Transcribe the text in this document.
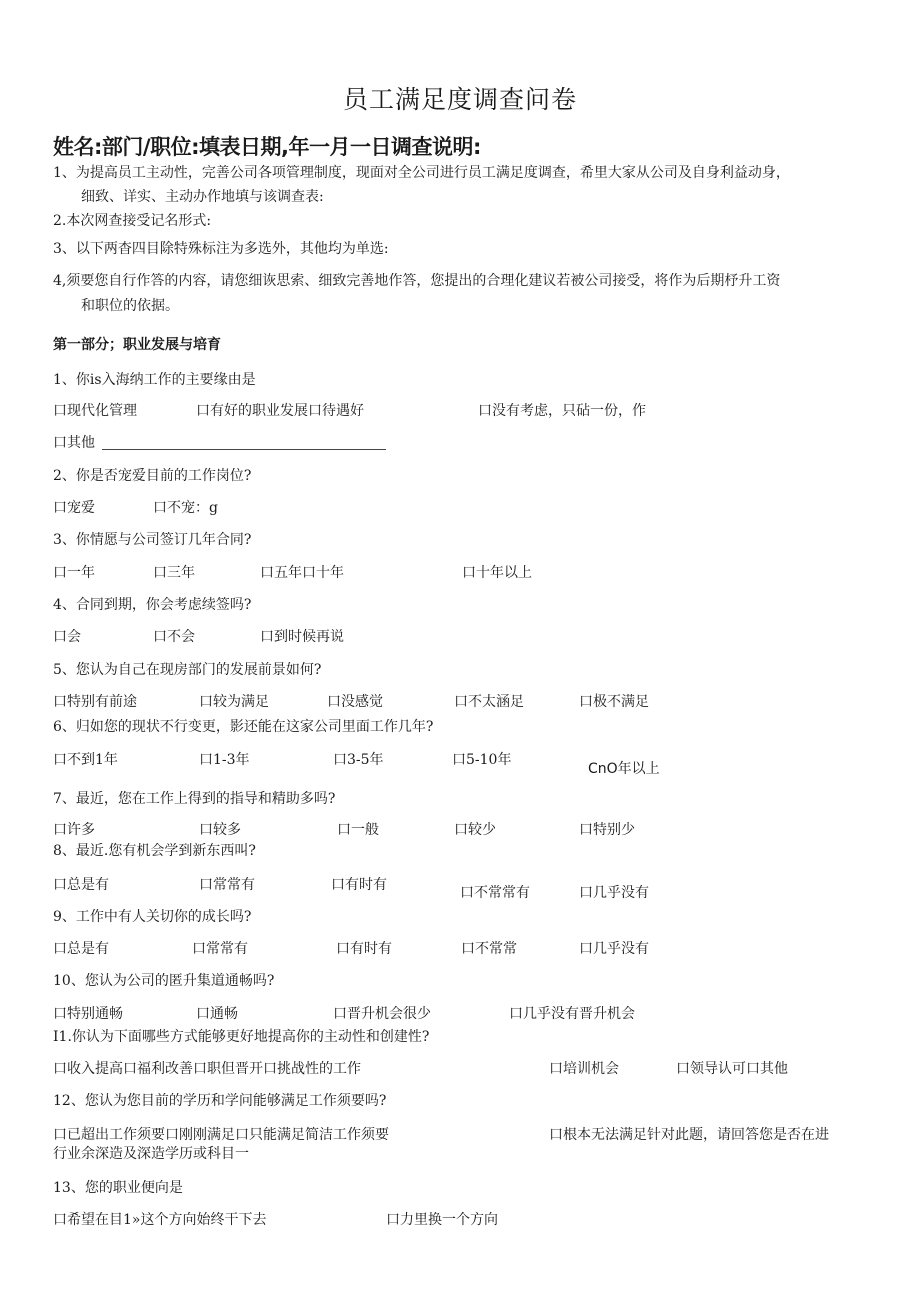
员工满足度调查问卷
姓名:部门/职位:填表日期,年一月一日调查说明:
1、为提高员工主动性，完善公司各项管理制度，现面对全公司进行员工满足度调查，希里大家从公司及自身利益动身，
细致、详实、主动办作地填与该调查表:
2.本次网查接受记名形式:
3、以下两杳四目除特殊标注为多选外，其他均为单选:
4,须要您自行作答的内容，请您细诙思索、细致完善地作答，您提出的合理化建议若被公司接受，将作为后期杼升工资
和职位的依据。
第一部分；职业发展与培育
1、你is入海纳工作的主要缘由是
口现代化管理	口有好的职业发展口待遇好	口没有考虑，只砧一份，作
口其他
2、你是否宠爱目前的工作岗位?
口宠爱	口不宠：g
3、你情愿与公司签订几年合同?
口一年	口三年	口五年口十年	口十年以上
4、合同到期，你会考虑续签吗?
口会	口不会	口到时候再说
5、您认为自己在现房部门的发展前景如何?
口特别有前途	口较为满足	口没感觉	口不太涵足	口极不满足
6、归如您的现状不行变更，影还能在这家公司里面工作几年?
口不到1年	口1-3年	口3-5年	口5-10年
CnO年以上
7、最近，您在工作上得到的指导和精助多吗?
口许多	口较多	口一般	口较少	口特别少
8、最近.您有机会学到新东西叫?
口总是有	口常常有	口有时有	口不常常有	口几乎没有
9、工作中有人关切你的成长吗?
口总是有	口常常有	口有时有	口不常常	口几乎没有
10、您认为公司的匿升集道通畅吗?
口特别通畅	口通畅	口晋升机会很少	口几乎没有晋升机会
I1.你认为下面哪些方式能够更好地提高你的主动性和创建性?
口收入提高口福利改善口职但晋开口挑战性的工作	口培训机会	口领导认可口其他
12、您认为您目前的学历和学问能够满足工作须要吗?
口已超出工作须要口刚刚满足口只能满足简洁工作须要	口根本无法满足针对此题，请回答您是否在进
行业余深造及深造学历或科目一
13、您的职业便向是
口希望在目1»这个方向始终干下去	口力里换一个方向
